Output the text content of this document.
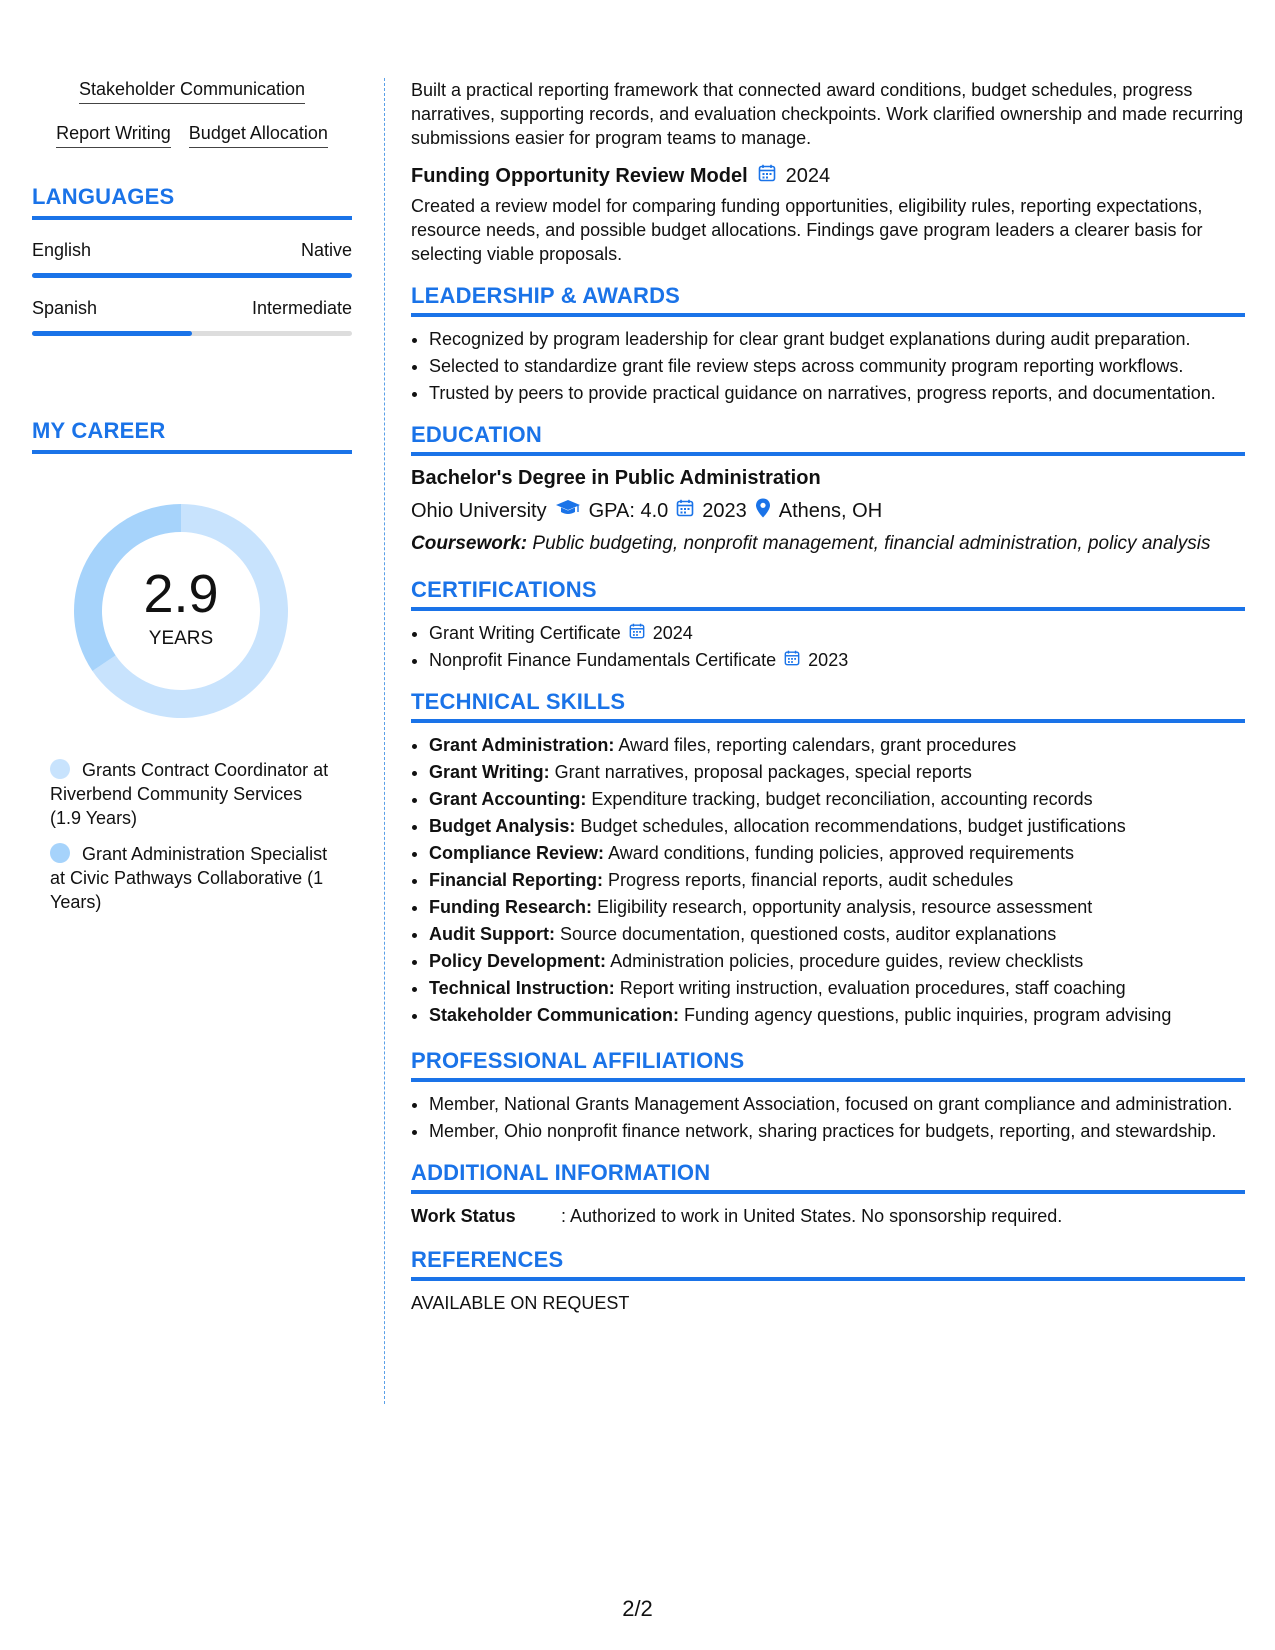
Stakeholder Communication
Report Writing Budget Allocation
LANGUAGES
English	Native
Spanish	Intermediate
MY CAREER
2.9
YEARS
Grants Contract Coordinator at Riverbend Community Services (1.9 Years)
Grant Administration Specialist at Civic Pathways Collaborative (1 Years)

Built a practical reporting framework that connected award conditions, budget schedules, progress narratives, supporting records, and evaluation checkpoints. Work clarified ownership and made recurring submissions easier for program teams to manage.

Funding Opportunity Review Model 2024

Created a review model for comparing funding opportunities, eligibility rules, reporting expectations, resource needs, and possible budget allocations. Findings gave program leaders a clearer basis for selecting viable proposals.

LEADERSHIP & AWARDS
• Recognized by program leadership for clear grant budget explanations during audit preparation.
• Selected to standardize grant file review steps across community program reporting workflows.
• Trusted by peers to provide practical guidance on narratives, progress reports, and documentation.
EDUCATION
Bachelor's Degree in Public Administration
Ohio University GPA: 4.0 2023 Athens, OH
Coursework: Public budgeting, nonprofit management, financial administration, policy analysis
CERTIFICATIONS
• Grant Writing Certificate 2024
• Nonprofit Finance Fundamentals Certificate 2023
TECHNICAL SKILLS
• Grant Administration: Award files, reporting calendars, grant procedures
• Grant Writing: Grant narratives, proposal packages, special reports
• Grant Accounting: Expenditure tracking, budget reconciliation, accounting records
• Budget Analysis: Budget schedules, allocation recommendations, budget justifications
• Compliance Review: Award conditions, funding policies, approved requirements
• Financial Reporting: Progress reports, financial reports, audit schedules
• Funding Research: Eligibility research, opportunity analysis, resource assessment
• Audit Support: Source documentation, questioned costs, auditor explanations
• Policy Development: Administration policies, procedure guides, review checklists
• Technical Instruction: Report writing instruction, evaluation procedures, staff coaching
• Stakeholder Communication: Funding agency questions, public inquiries, program advising
PROFESSIONAL AFFILIATIONS
• Member, National Grants Management Association, focused on grant compliance and administration.
• Member, Ohio nonprofit finance network, sharing practices for budgets, reporting, and stewardship.
ADDITIONAL INFORMATION
Work Status	: Authorized to work in United States. No sponsorship required.
REFERENCES
AVAILABLE ON REQUEST
2/2
